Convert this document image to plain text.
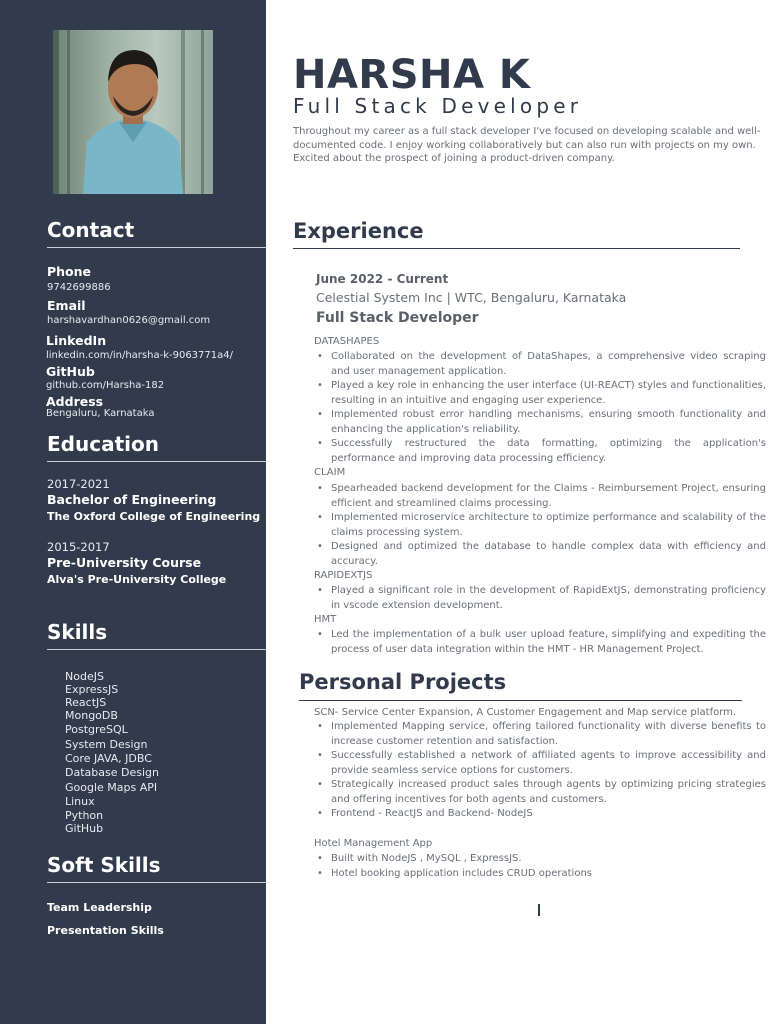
Contact
Phone
9742699886
Email
harshavardhan0626@gmail.com
LinkedIn
linkedin.com/in/harsha-k-9063771a4/
GitHub
github.com/Harsha-182
Address
Bengaluru, Karnataka
Education
2017-2021
Bachelor of Engineering
The Oxford College of Engineering
2015-2017
Pre-University Course
Alva's Pre-University College
Skills
NodeJS
ExpressJS
ReactJS
MongoDB
PostgreSQL
System Design
Core JAVA, JDBC
Database Design
Google Maps API
Linux
Python
GitHub
Soft Skills
Team Leadership
Presentation Skills
HARSHA K
Full Stack Developer
Throughout my career as a full stack developer I've focused on developing scalable and well-
documented code. I enjoy working collaboratively but can also run with projects on my own.
Excited about the prospect of joining a product-driven company.
Experience
June 2022 - Current
Celestial System Inc | WTC, Bengaluru, Karnataka
Full Stack Developer
DATASHAPES
• Collaborated on the development of DataShapes, a comprehensive video scraping and user management application.
• Played a key role in enhancing the user interface (UI-REACT) styles and functionalities, resulting in an intuitive and engaging user experience.
• Implemented robust error handling mechanisms, ensuring smooth functionality and enhancing the application's reliability.
• Successfully restructured the data formatting, optimizing the application's performance and improving data processing efficiency.
CLAIM
• Spearheaded backend development for the Claims - Reimbursement Project, ensuring efficient and streamlined claims processing.
• Implemented microservice architecture to optimize performance and scalability of the claims processing system.
• Designed and optimized the database to handle complex data with efficiency and accuracy.
RAPIDEXTJS
• Played a significant role in the development of RapidExtJS, demonstrating proficiency in vscode extension development.
HMT
• Led the implementation of a bulk user upload feature, simplifying and expediting the process of user data integration within the HMT - HR Management Project.
Personal Projects
SCN- Service Center Expansion, A Customer Engagement and Map service platform.
• Implemented Mapping service, offering tailored functionality with diverse benefits to increase customer retention and satisfaction.
• Successfully established a network of affiliated agents to improve accessibility and provide seamless service options for customers.
• Strategically increased product sales through agents by optimizing pricing strategies and offering incentives for both agents and customers.
• Frontend - ReactJS and Backend- NodeJS
Hotel Management App
• Built with NodeJS , MySQL , ExpressJS.
• Hotel booking application includes CRUD operations
